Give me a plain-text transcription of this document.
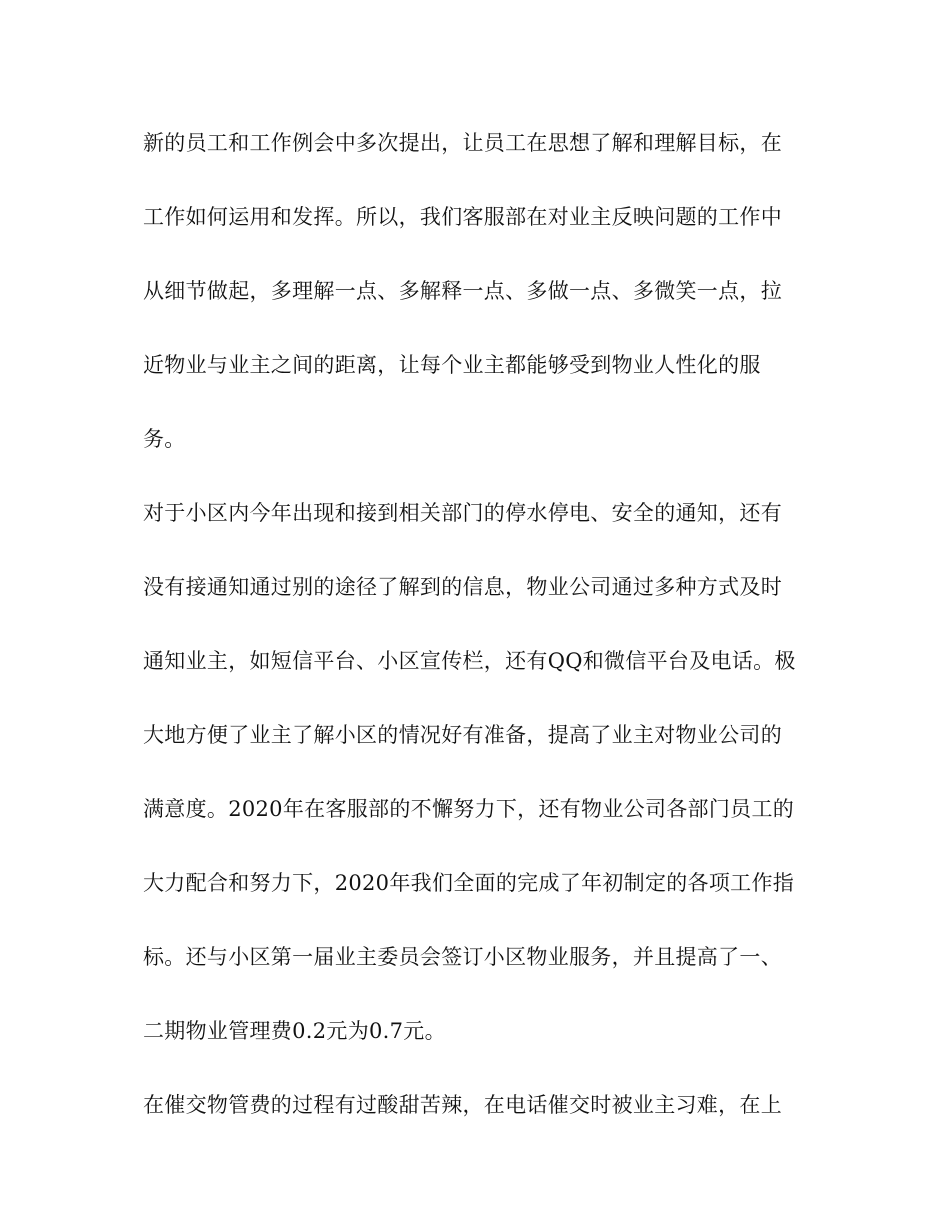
新的员工和工作例会中多次提出，让员工在思想了解和理解目标，在
工作如何运用和发挥。所以，我们客服部在对业主反映问题的工作中
从细节做起，多理解一点、多解释一点、多做一点、多微笑一点，拉
近物业与业主之间的距离，让每个业主都能够受到物业人性化的服
务。
对于小区内今年出现和接到相关部门的停水停电、安全的通知，还有
没有接通知通过别的途径了解到的信息，物业公司通过多种方式及时
通知业主，如短信平台、小区宣传栏，还有QQ和微信平台及电话。极
大地方便了业主了解小区的情况好有准备，提高了业主对物业公司的
满意度。2020年在客服部的不懈努力下，还有物业公司各部门员工的
大力配合和努力下，2020年我们全面的完成了年初制定的各项工作指
标。还与小区第一届业主委员会签订小区物业服务，并且提高了一、
二期物业管理费0.2元为0.7元。
在催交物管费的过程有过酸甜苦辣，在电话催交时被业主习难，在上
